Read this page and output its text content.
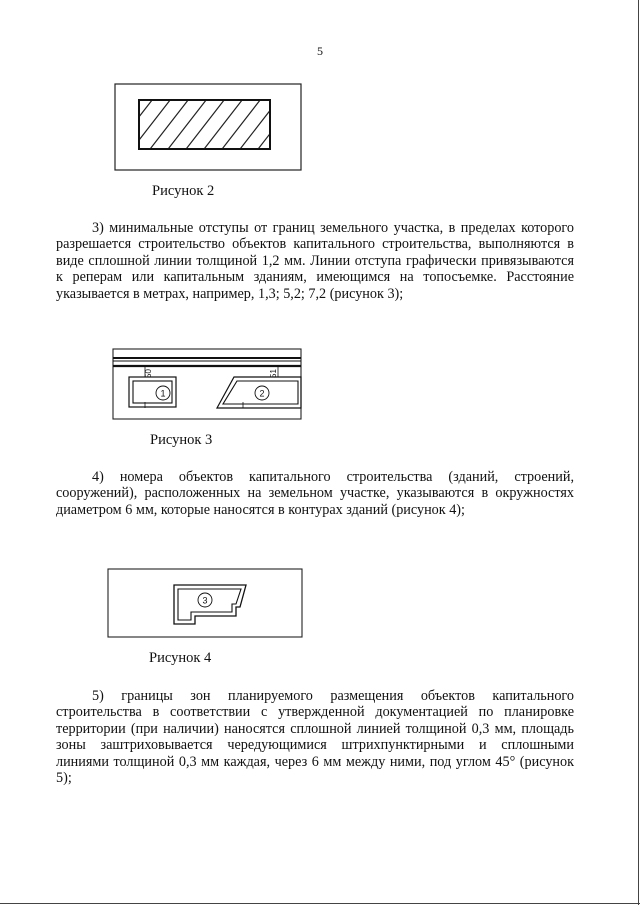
5
Рисунок 2

3) минимальные отступы от границ земельного участка, в пределах которого разрешается строительство объектов капитального строительства, выполняются в виде сплошной линии толщиной 1,2 мм. Линии отступа графически привязываются к реперам или капитальным зданиям, имеющимся на топосъемке. Расстояние указывается в метрах, например, 1,3; 5,2; 7,2 (рисунок 3);

50
1
51
2
Рисунок 3

4) номера объектов капитального строительства (зданий, строений, сооружений), расположенных на земельном участке, указываются в окружностях диаметром 6 мм, которые наносятся в контурах зданий (рисунок 4);

3
Рисунок 4

5) границы зон планируемого размещения объектов капитального строительства в соответствии с утвержденной документацией по планировке территории (при наличии) наносятся сплошной линией толщиной 0,3 мм, площадь зоны заштриховывается чередующимися штрихпунктирными и сплошными линиями толщиной 0,3 мм каждая, через 6 мм между ними, под углом 45° (рисунок 5);
